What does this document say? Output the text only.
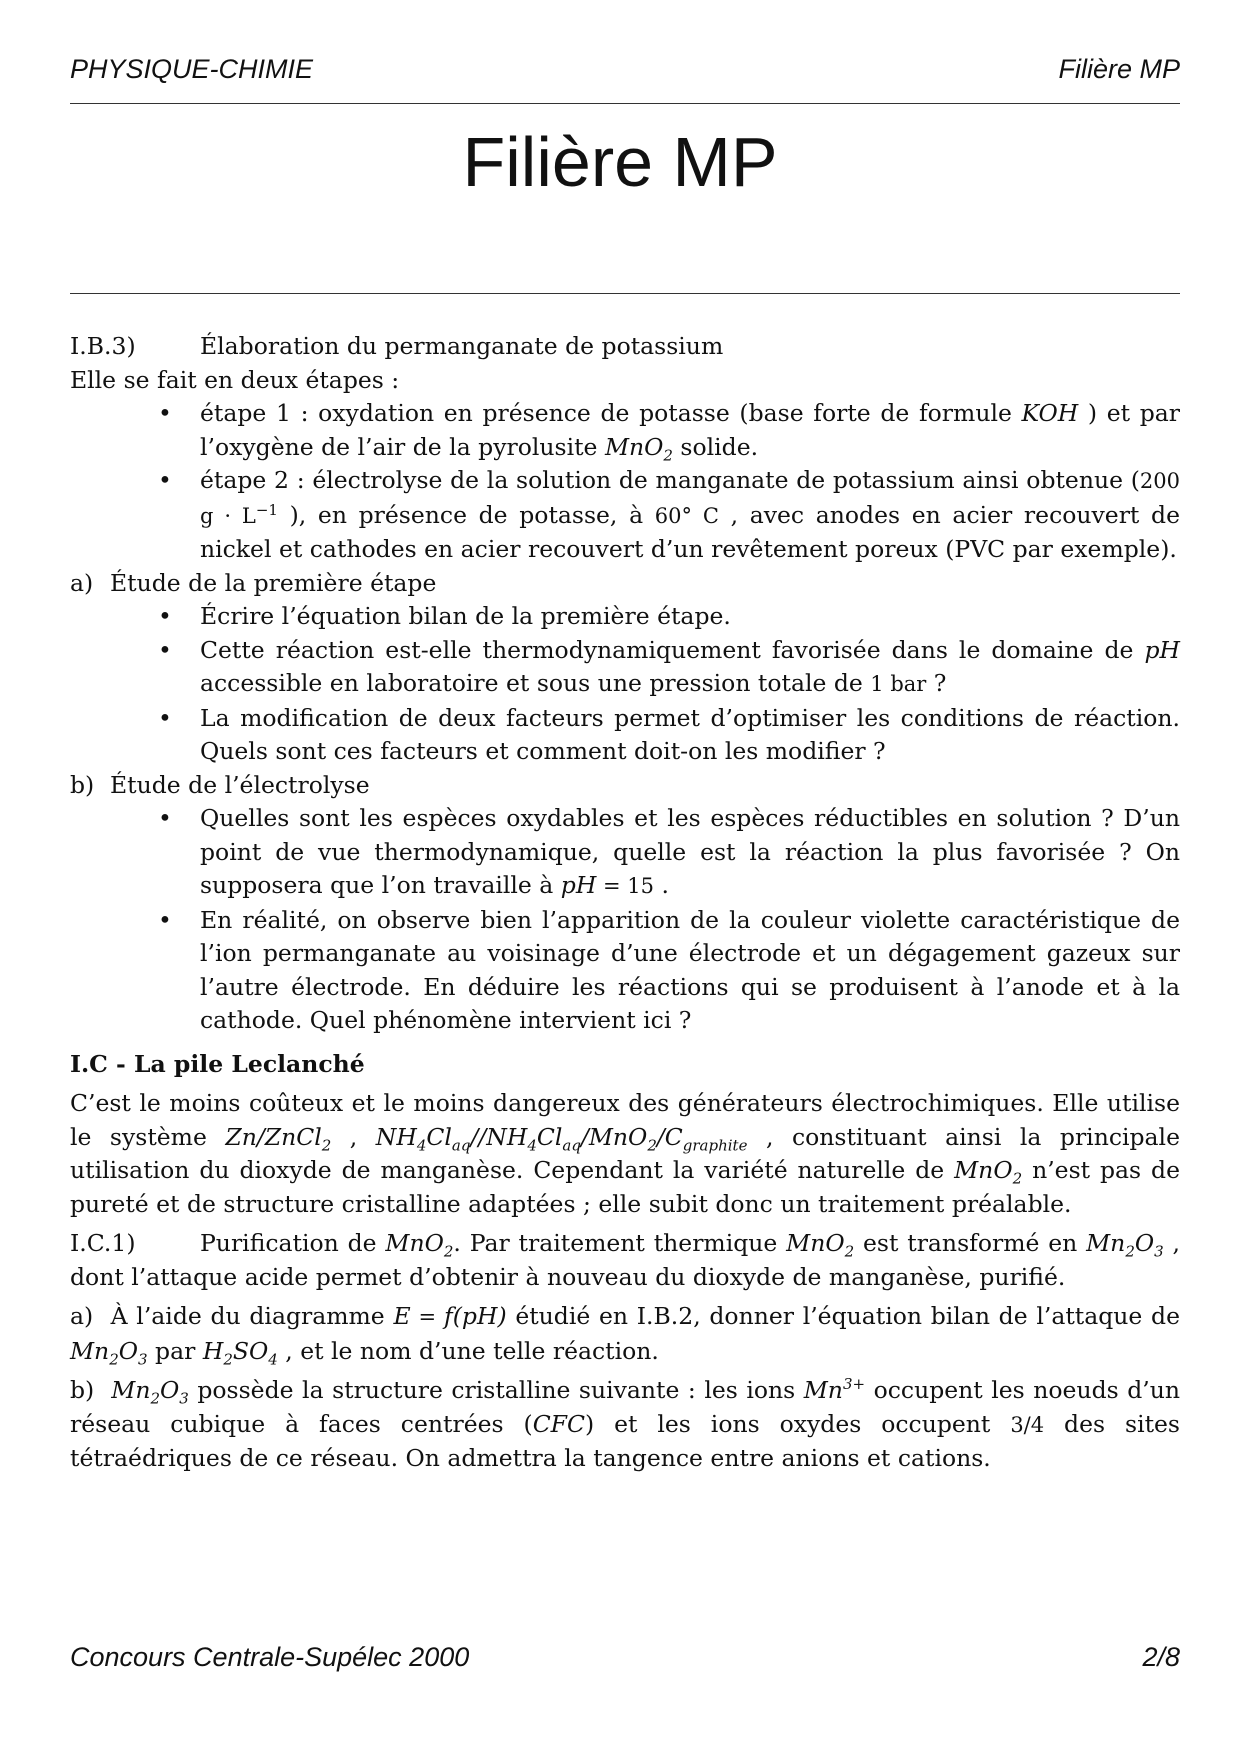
PHYSIQUE-CHIMIE	Filière MP
Filière MP
I.B.3)	Élaboration du permanganate de potassium

Elle se fait en deux étapes :

• étape 1 : oxydation en présence de potasse (base forte de formule KOH ) et par l’oxygène de l’air de la pyrolusite MnO$_2$ solide.
• étape 2 : électrolyse de la solution de manganate de potassium ainsi obtenue (200 $g \cdot L^{-1}$ ), en présence de potasse, à 60° C , avec anodes en acier recouvert de nickel et cathodes en acier recouvert d’un revêtement poreux (PVC par exemple).
a) Étude de la première étape
• Écrire l’équation bilan de la première étape.
• Cette réaction est-elle thermodynamiquement favorisée dans le domaine de pH accessible en laboratoire et sous une pression totale de 1 bar ?
• La modification de deux facteurs permet d’optimiser les conditions de réaction. Quels sont ces facteurs et comment doit-on les modifier ?
b) Étude de l’électrolyse
• Quelles sont les espèces oxydables et les espèces réductibles en solution ? D’un point de vue thermodynamique, quelle est la réaction la plus favorisée ? On supposera que l’on travaille à pH = 15 .
• En réalité, on observe bien l’apparition de la couleur violette caractéristique de l’ion permanganate au voisinage d’une électrode et un dégagement gazeux sur l’autre électrode. En déduire les réactions qui se produisent à l’anode et à la cathode. Quel phénomène intervient ici ?

I.C - La pile Leclanché

C’est le moins coûteux et le moins dangereux des générateurs électrochimiques. Elle utilise le système Zn/ZnCl$_2$ , $NH_4Cl_{aq}//NH_4Cl_{aq}/MnO_2/C_{graphite}$ , constituant ainsi la principale utilisation du dioxyde de manganèse. Cependant la variété naturelle de MnO$_2$ n’est pas de pureté et de structure cristalline adaptées ; elle subit donc un traitement préalable.

I.C.1)	Purification de MnO$_2$. Par traitement thermique MnO$_2$ est transformé en $Mn_2O_3$ , dont l’attaque acide permet d’obtenir à nouveau du dioxyde de manganèse, purifié.

a) À l’aide du diagramme E = f(pH) étudié en I.B.2, donner l’équation bilan de l’attaque de $Mn_2O_3$ par $H_2SO_4$ , et le nom d’une telle réaction.

b) $Mn_2O_3$ possède la structure cristalline suivante : les ions $Mn^{3+}$ occupent les noeuds d’un réseau cubique à faces centrées (CFC) et les ions oxydes occupent 3/4 des sites tétraédriques de ce réseau. On admettra la tangence entre anions et cations.

Concours Centrale-Supélec 2000	2/8
